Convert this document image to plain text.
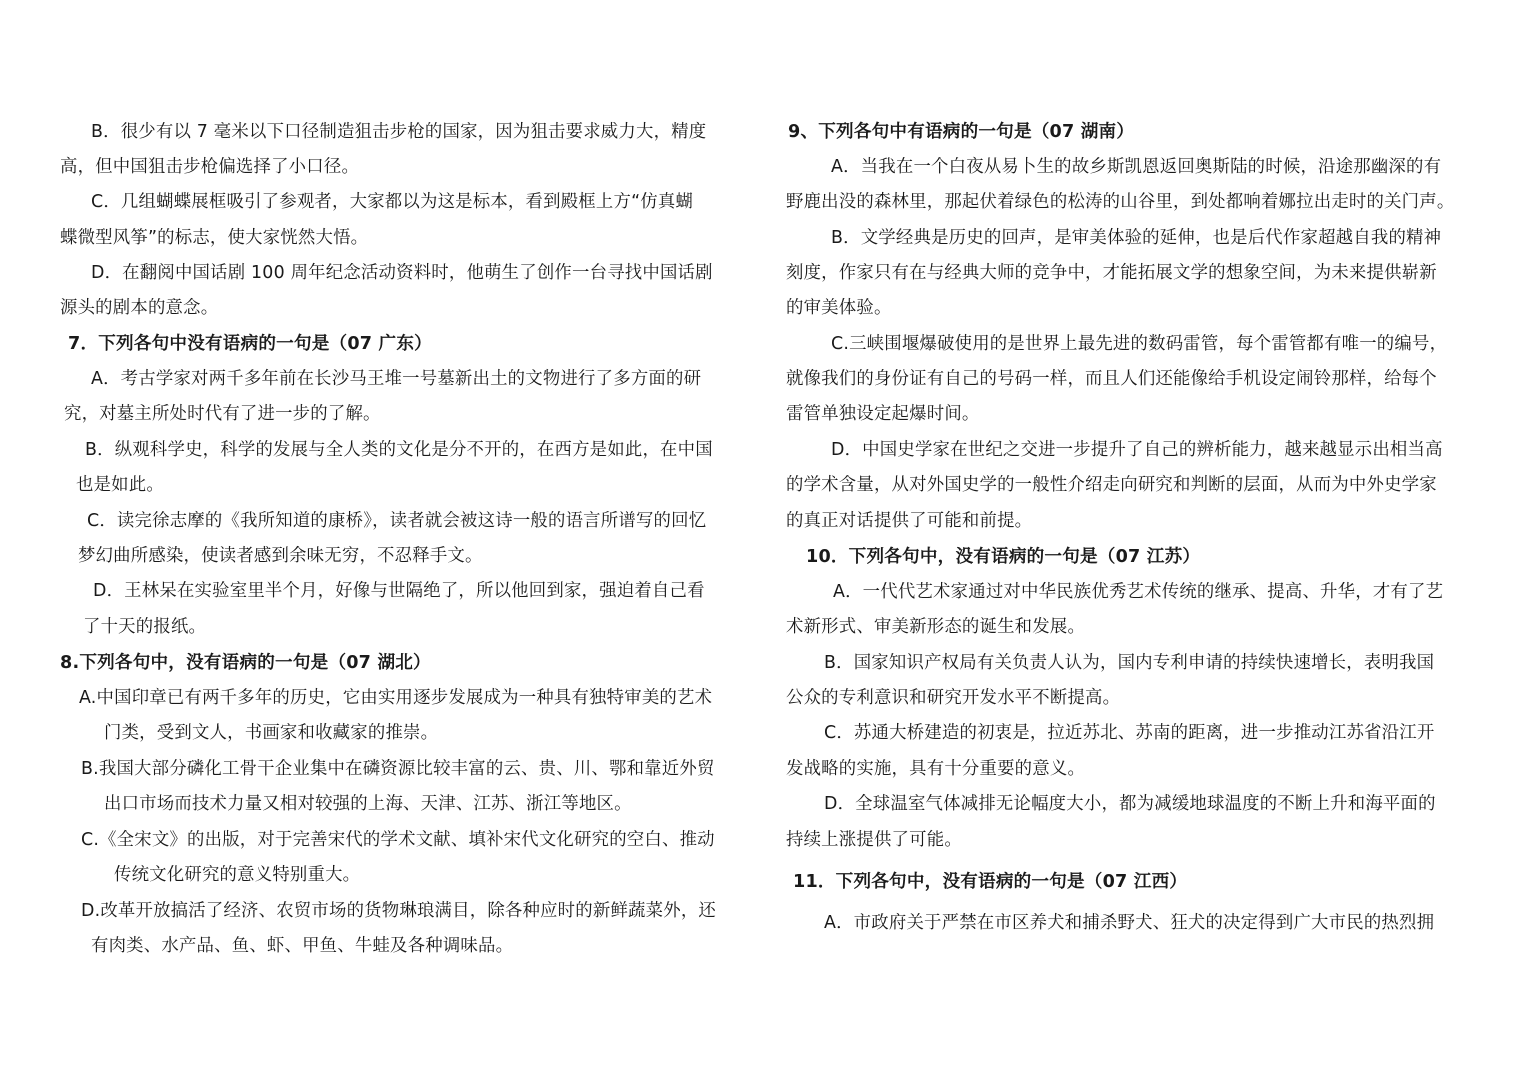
B．很少有以 7 毫米以下口径制造狙击步枪的国家，因为狙击要求威力大，精度
高，但中国狙击步枪偏选择了小口径。
C．几组蝴蝶展框吸引了参观者，大家都以为这是标本，看到殿框上方“仿真蝴
蝶微型风筝”的标志，使大家恍然大悟。
D．在翻阅中国话剧 100 周年纪念活动资料时，他萌生了创作一台寻找中国话剧
源头的剧本的意念。
7．下列各句中没有语病的一句是（07 广东）
A．考古学家对两千多年前在长沙马王堆一号墓新出土的文物进行了多方面的研
究，对墓主所处时代有了进一步的了解。
B．纵观科学史，科学的发展与全人类的文化是分不开的，在西方是如此，在中国
也是如此。
C．读完徐志摩的《我所知道的康桥》，读者就会被这诗一般的语言所谱写的回忆
梦幻曲所感染，使读者感到余味无穷，不忍释手文。
D．王林呆在实验室里半个月，好像与世隔绝了，所以他回到家，强迫着自己看
了十天的报纸。
8.下列各句中，没有语病的一句是（07 湖北）
A.中国印章已有两千多年的历史，它由实用逐步发展成为一种具有独特审美的艺术
门类，受到文人，书画家和收藏家的推崇。
B.我国大部分磷化工骨干企业集中在磷资源比较丰富的云、贵、川、鄂和靠近外贸
出口市场而技术力量又相对较强的上海、天津、江苏、浙江等地区。
C.《全宋文》的出版，对于完善宋代的学术文献、填补宋代文化研究的空白、推动
传统文化研究的意义特别重大。
D.改革开放搞活了经济、农贸市场的货物琳琅满目，除各种应时的新鲜蔬菜外，还
有肉类、水产品、鱼、虾、甲鱼、牛蛙及各种调味品。
9、下列各句中有语病的一句是（07 湖南）
A．当我在一个白夜从易卜生的故乡斯凯恩返回奥斯陆的时候，沿途那幽深的有
野鹿出没的森林里，那起伏着绿色的松涛的山谷里，到处都响着娜拉出走时的关门声。
B．文学经典是历史的回声，是审美体验的延伸，也是后代作家超越自我的精神
刻度，作家只有在与经典大师的竞争中，才能拓展文学的想象空间，为未来提供崭新
的审美体验。
C.三峡围堰爆破使用的是世界上最先进的数码雷管，每个雷管都有唯一的编号，
就像我们的身份证有自己的号码一样，而且人们还能像给手机设定闹铃那样，给每个
雷管单独设定起爆时间。
D．中国史学家在世纪之交进一步提升了自己的辨析能力，越来越显示出相当高
的学术含量，从对外国史学的一般性介绍走向研究和判断的层面，从而为中外史学家
的真正对话提供了可能和前提。
10．下列各句中，没有语病的一句是（07 江苏）
A．一代代艺术家通过对中华民族优秀艺术传统的继承、提高、升华，才有了艺
术新形式、审美新形态的诞生和发展。
B．国家知识产权局有关负责人认为，国内专利申请的持续快速增长，表明我国
公众的专利意识和研究开发水平不断提高。
C．苏通大桥建造的初衷是，拉近苏北、苏南的距离，进一步推动江苏省沿江开
发战略的实施，具有十分重要的意义。
D．全球温室气体减排无论幅度大小，都为减缓地球温度的不断上升和海平面的
持续上涨提供了可能。
11．下列各句中，没有语病的一句是（07 江西）
A．市政府关于严禁在市区养犬和捕杀野犬、狂犬的决定得到广大市民的热烈拥
